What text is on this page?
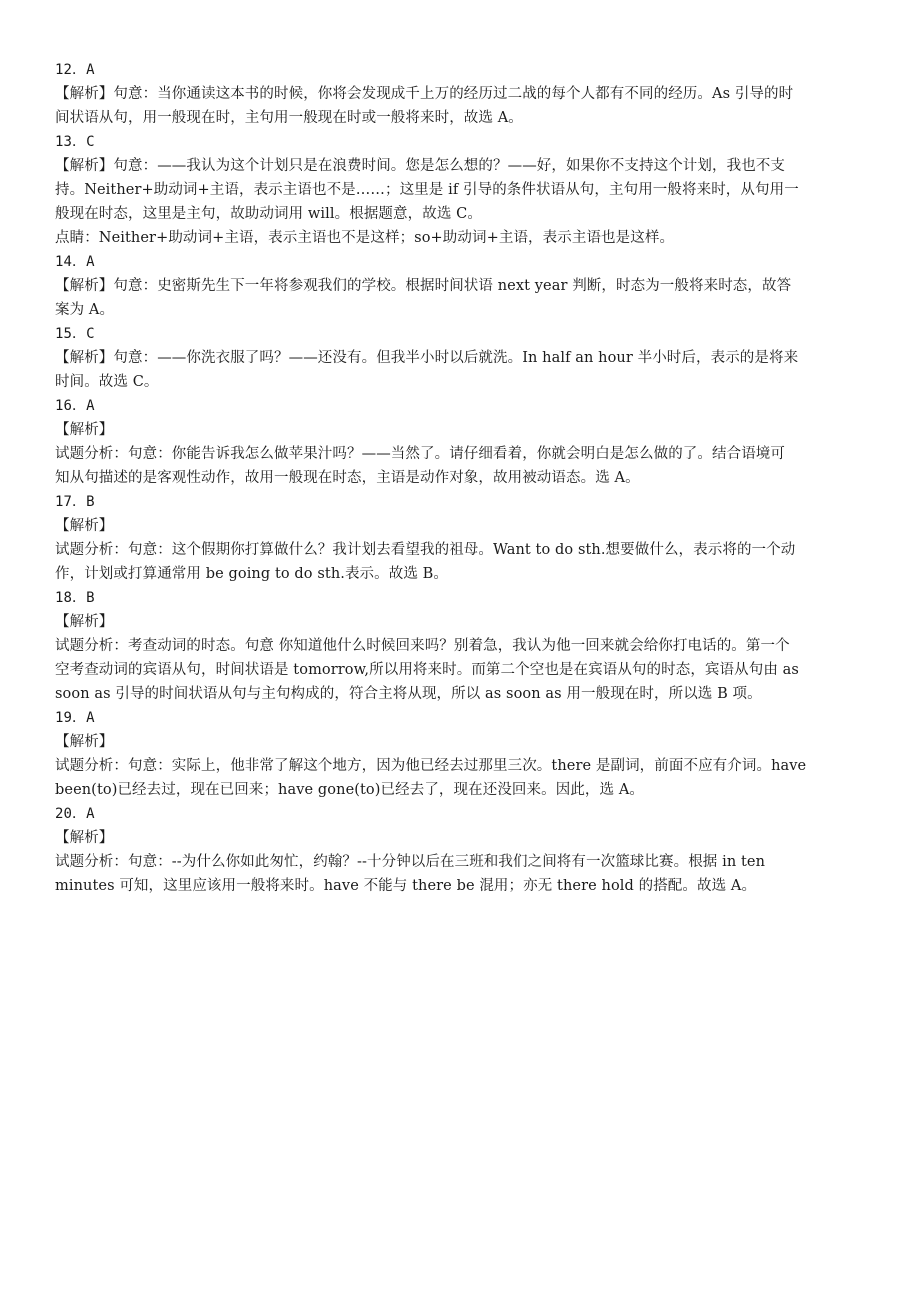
12．A
【解析】句意：当你通读这本书的时候，你将会发现成千上万的经历过二战的每个人都有不同的经历。As 引导的时
间状语从句，用一般现在时，主句用一般现在时或一般将来时，故选 A。
13．C
【解析】句意：——我认为这个计划只是在浪费时间。您是怎么想的？——好，如果你不支持这个计划，我也不支
持。Neither+助动词+主语，表示主语也不是……；这里是 if 引导的条件状语从句，主句用一般将来时，从句用一
般现在时态，这里是主句，故助动词用 will。根据题意，故选 C。
点睛：Neither+助动词+主语，表示主语也不是这样；so+助动词+主语，表示主语也是这样。
14．A
【解析】句意：史密斯先生下一年将参观我们的学校。根据时间状语 next year 判断，时态为一般将来时态，故答
案为 A。
15．C
【解析】句意：——你洗衣服了吗？——还没有。但我半小时以后就洗。In half an hour 半小时后，表示的是将来
时间。故选 C。
16．A
【解析】
试题分析：句意：你能告诉我怎么做苹果汁吗？——当然了。请仔细看着，你就会明白是怎么做的了。结合语境可
知从句描述的是客观性动作，故用一般现在时态，主语是动作对象，故用被动语态。选 A。
17．B
【解析】
试题分析：句意：这个假期你打算做什么？我计划去看望我的祖母。Want to do sth.想要做什么，表示将的一个动
作，计划或打算通常用 be going to do sth.表示。故选 B。
18．B
【解析】
试题分析：考查动词的时态。句意 你知道他什么时候回来吗？别着急，我认为他一回来就会给你打电话的。第一个
空考查动词的宾语从句，时间状语是 tomorrow,所以用将来时。而第二个空也是在宾语从句的时态，宾语从句由 as
soon as 引导的时间状语从句与主句构成的，符合主将从现，所以 as soon as 用一般现在时，所以选 B 项。
19．A
【解析】
试题分析：句意：实际上，他非常了解这个地方，因为他已经去过那里三次。there 是副词，前面不应有介词。have
been(to)已经去过，现在已回来；have gone(to)已经去了，现在还没回来。因此，选 A。
20．A
【解析】
试题分析：句意：--为什么你如此匆忙，约翰？--十分钟以后在三班和我们之间将有一次篮球比赛。根据 in ten
minutes 可知，这里应该用一般将来时。have 不能与 there be 混用；亦无 there hold 的搭配。故选 A。
